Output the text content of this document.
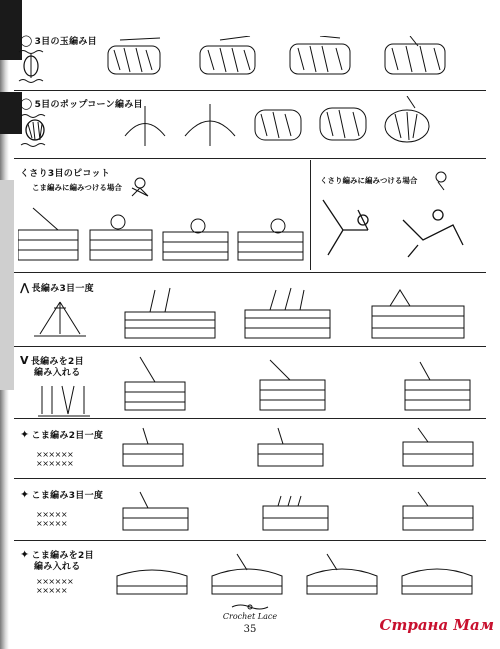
◯ 3目の玉編み目
◯ 5目のポップコーン編み目
くさり3目のピコット
こま編みに編みつける場合
くさり編みに編みつける場合
⋀ 長編み3目一度
V 長編みを2目
編み入れる
✦ こま編み2目一度
××××××
××××××
✦ こま編み3目一度
×××××
×××××
✦ こま編みを2目
編み入れる
××××××
×××××
Crochet Lace
35	Страна Мам
